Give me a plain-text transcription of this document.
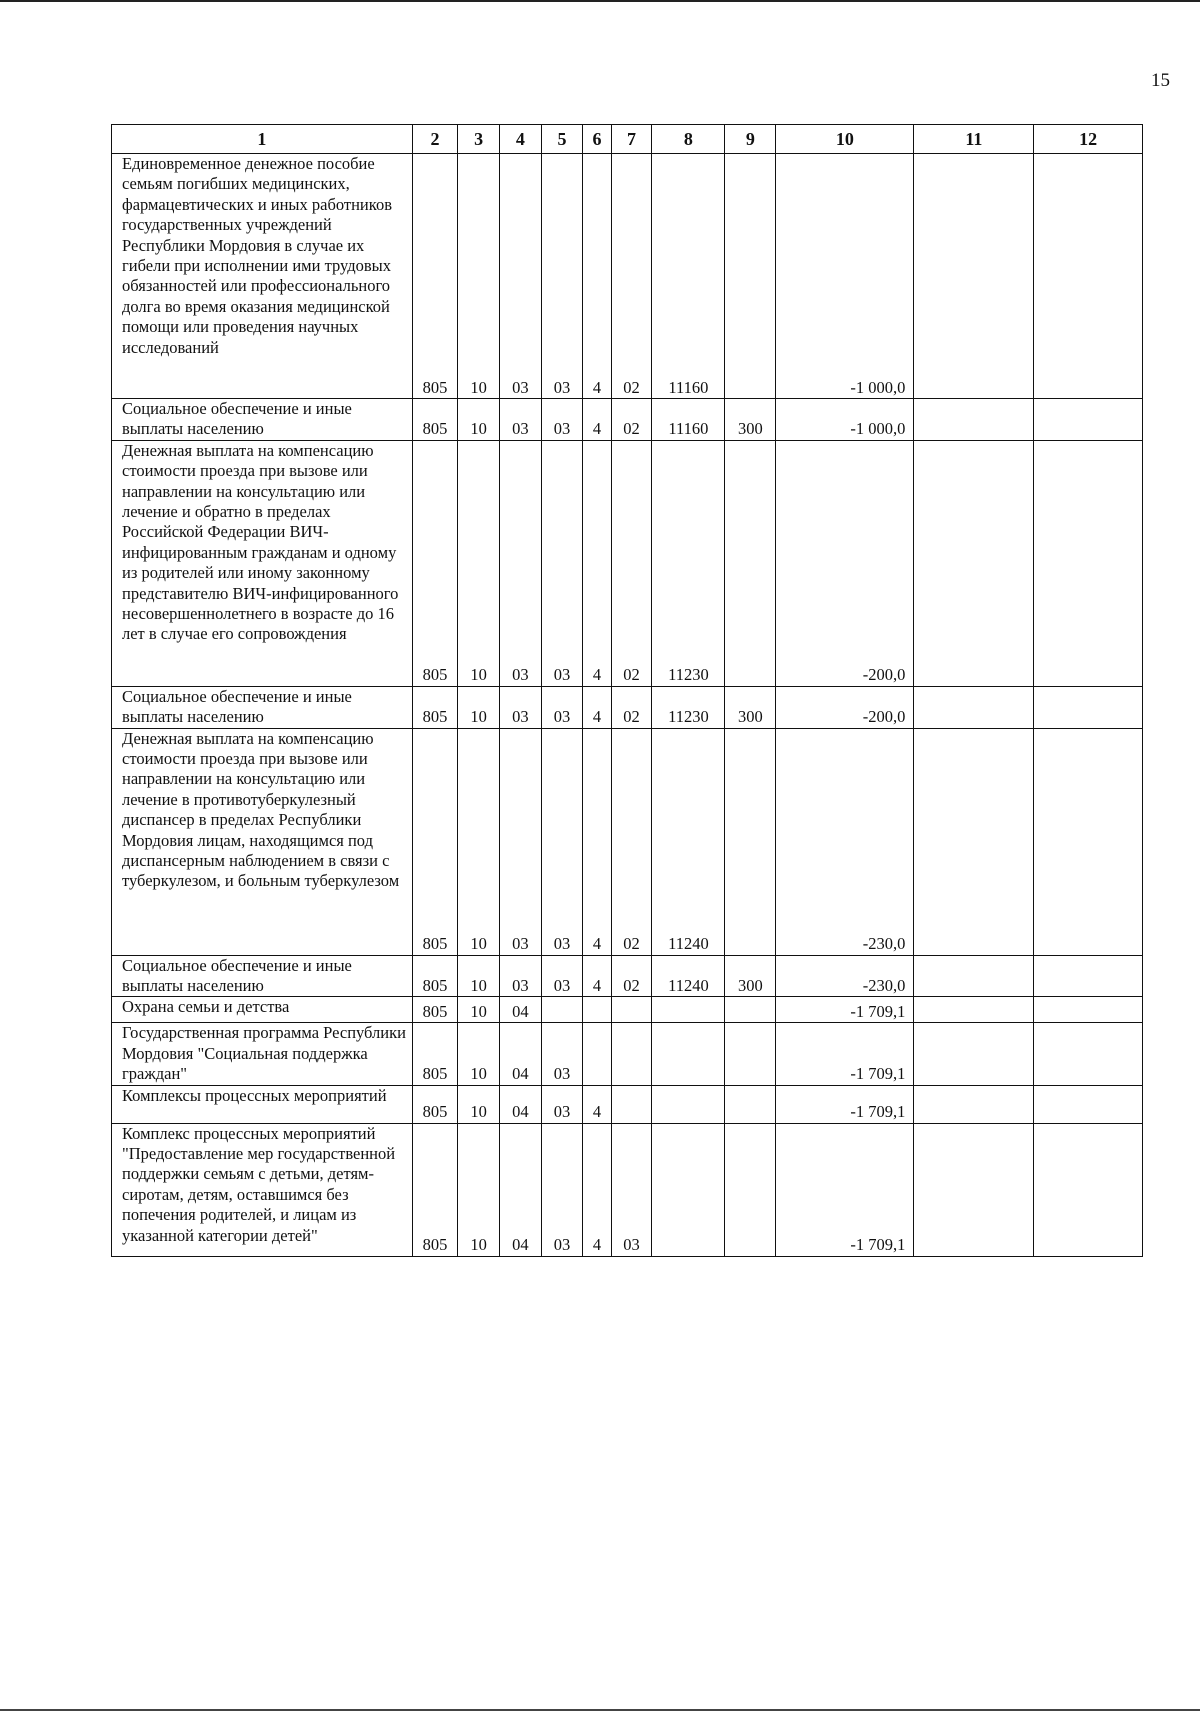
15
1	2	3	4	5	6	7	8	9	10	11	12
Единовременное денежное пособие семьям погибших медицинских, фармацевтических и иных работников государственных учреждений Республики Мордовия в случае их гибели при исполнении ими трудовых обязанностей или профессионального долга во время оказания медицинской помощи или проведения научных исследований	805	10	03	03	4	02	11160		-1 000,0		
Социальное обеспечение и иные выплаты населению	805	10	03	03	4	02	11160	300	-1 000,0		
Денежная выплата на компенсацию стоимости проезда при вызове или направлении на консультацию или лечение и обратно в пределах Российской Федерации ВИЧ-инфицированным гражданам и одному из родителей или иному законному представителю ВИЧ-инфицированного несовершеннолетнего в возрасте до 16 лет в случае его сопровождения	805	10	03	03	4	02	11230		-200,0		
Социальное обеспечение и иные выплаты населению	805	10	03	03	4	02	11230	300	-200,0		
Денежная выплата на компенсацию стоимости проезда при вызове или направлении на консультацию или лечение в противотуберкулезный диспансер в пределах Республики Мордовия лицам, находящимся под диспансерным наблюдением в связи с туберкулезом, и больным туберкулезом	805	10	03	03	4	02	11240		-230,0		
Социальное обеспечение и иные выплаты населению	805	10	03	03	4	02	11240	300	-230,0		
Охрана семьи и детства	805	10	04						-1 709,1		
Государственная программа Республики Мордовия "Социальная поддержка граждан"	805	10	04	03					-1 709,1		
Комплексы процессных мероприятий	805	10	04	03	4				-1 709,1		
Комплекс процессных мероприятий "Предоставление мер государственной поддержки семьям с детьми, детям-сиротам, детям, оставшимся без попечения родителей, и лицам из указанной категории детей"	805	10	04	03	4	03			-1 709,1		
